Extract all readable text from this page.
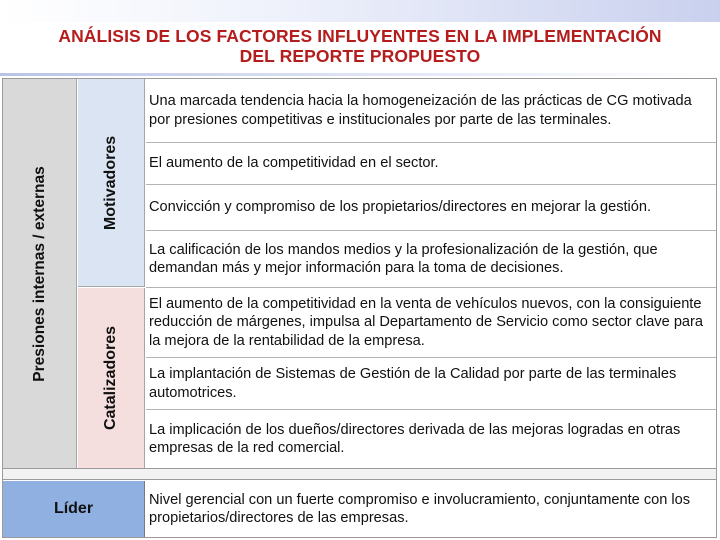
ANÁLISIS DE LOS FACTORES INFLUYENTES EN LA IMPLEMENTACIÓN
DEL REPORTE PROPUESTO
Presiones internas / externas	Motivadores
Catalizadores
Una marcada tendencia hacia la homogeneización de las prácticas de CG motivada por presiones competitivas e institucionales por parte de las terminales.
El aumento de la competitividad en el sector.
Convicción y compromiso de los propietarios/directores en mejorar la gestión.
La calificación de los mandos medios y la profesionalización de la gestión, que demandan más y mejor información para la toma de decisiones.
El aumento de la competitividad en la venta de vehículos nuevos, con la consiguiente reducción de márgenes, impulsa al Departamento de Servicio como sector clave para la mejora de la rentabilidad de la empresa.
La implantación de Sistemas de Gestión de la Calidad por parte de las terminales automotrices.
La implicación de los dueños/directores derivada de las mejoras logradas en otras empresas de la red comercial.
Líder
Nivel gerencial con un fuerte compromiso e involucramiento, conjuntamente con los propietarios/directores de las empresas.
